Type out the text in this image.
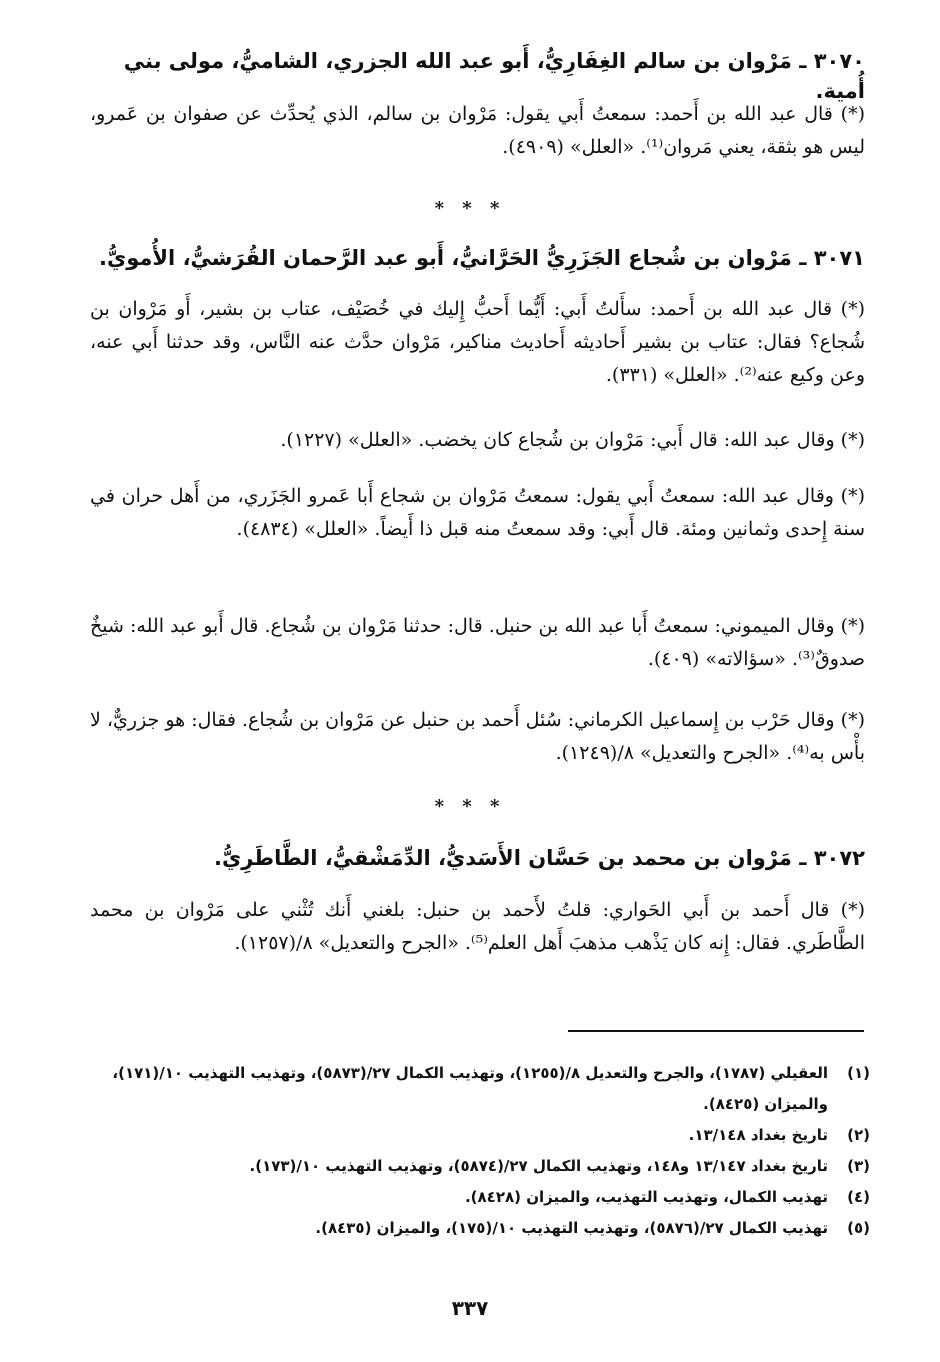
٣٠٧٠ ـ مَرْوان بن سالم الغِفَارِيُّ، أَبو عبد الله الجزري، الشاميُّ، مولى بني أُمية.
(*) قال عبد الله بن أَحمد: سمعتُ أَبي يقول: مَرْوان بن سالم، الذي يُحدِّث عن صفوان بن عَمرو، ليس هو بثقة، يعني مَروان⁽¹⁾. «العلل» (٤٩٠٩).
* * *
٣٠٧١ ـ مَرْوان بن شُجاع الجَزَرِيُّ الحَرَّانيُّ، أَبو عبد الرَّحمان القُرَشيُّ، الأُمويُّ.
(*) قال عبد الله بن أَحمد: سأَلتُ أَبي: أَيُّما أَحبُّ إِليك في خُصَيْف، عتاب بن بشير، أَو مَرْوان بن شُجاع؟ فقال: عتاب بن بشير أَحاديثه أَحاديث مناكير، مَرْوان حدَّث عنه النَّاس، وقد حدثنا أَبي عنه، وعن وكيع عنه⁽²⁾. «العلل» (٣٣١).
(*) وقال عبد الله: قال أَبي: مَرْوان بن شُجاع كان يخضب. «العلل» (١٢٢٧).
(*) وقال عبد الله: سمعتُ أَبي يقول: سمعتُ مَرْوان بن شجاع أَبا عَمرو الجَزَري، من أَهل حران في سنة إِحدى وثمانين ومئة. قال أَبي: وقد سمعتُ منه قبل ذا أَيضاً. «العلل» (٤٨٣٤).
(*) وقال الميموني: سمعتُ أَبا عبد الله بن حنبل. قال: حدثنا مَرْوان بن شُجاع. قال أَبو عبد الله: شيخٌ صدوقٌ⁽³⁾. «سؤالاته» (٤٠٩).
(*) وقال حَرْب بن إِسماعيل الكرماني: سُئل أَحمد بن حنبل عن مَرْوان بن شُجاع. فقال: هو جزريٌّ، لا بأْس به⁽⁴⁾. «الجرح والتعديل» ٨/(١٢٤٩).
* * *
٣٠٧٢ ـ مَرْوان بن محمد بن حَسَّان الأَسَديُّ، الدِّمَشْقيُّ، الطَّاطَرِيُّ.
(*) قال أَحمد بن أَبي الحَواري: قلتُ لأَحمد بن حنبل: بلغني أَنك تُثْني على مَرْوان بن محمد الطَّاطَري. فقال: إِنه كان يَذْهب مذهبَ أَهل العلم⁽⁵⁾. «الجرح والتعديل» ٨/(١٢٥٧).
(١)
العقيلي (١٧٨٧)، والجرح والتعديل ٨/(١٢٥٥)، وتهذيب الكمال ٢٧/(٥٨٧٣)، وتهذيب التهذيب ١٠/(١٧١)، والميزان (٨٤٢٥).
(٢)
تاريخ بغداد ١٣/١٤٨.
(٣)
تاريخ بغداد ١٣/١٤٧ و١٤٨، وتهذيب الكمال ٢٧/(٥٨٧٤)، وتهذيب التهذيب ١٠/(١٧٣).
(٤)
تهذيب الكمال، وتهذيب التهذيب، والميزان (٨٤٢٨).
(٥)
تهذيب الكمال ٢٧/(٥٨٧٦)، وتهذيب التهذيب ١٠/(١٧٥)، والميزان (٨٤٣٥).
٣٣٧
